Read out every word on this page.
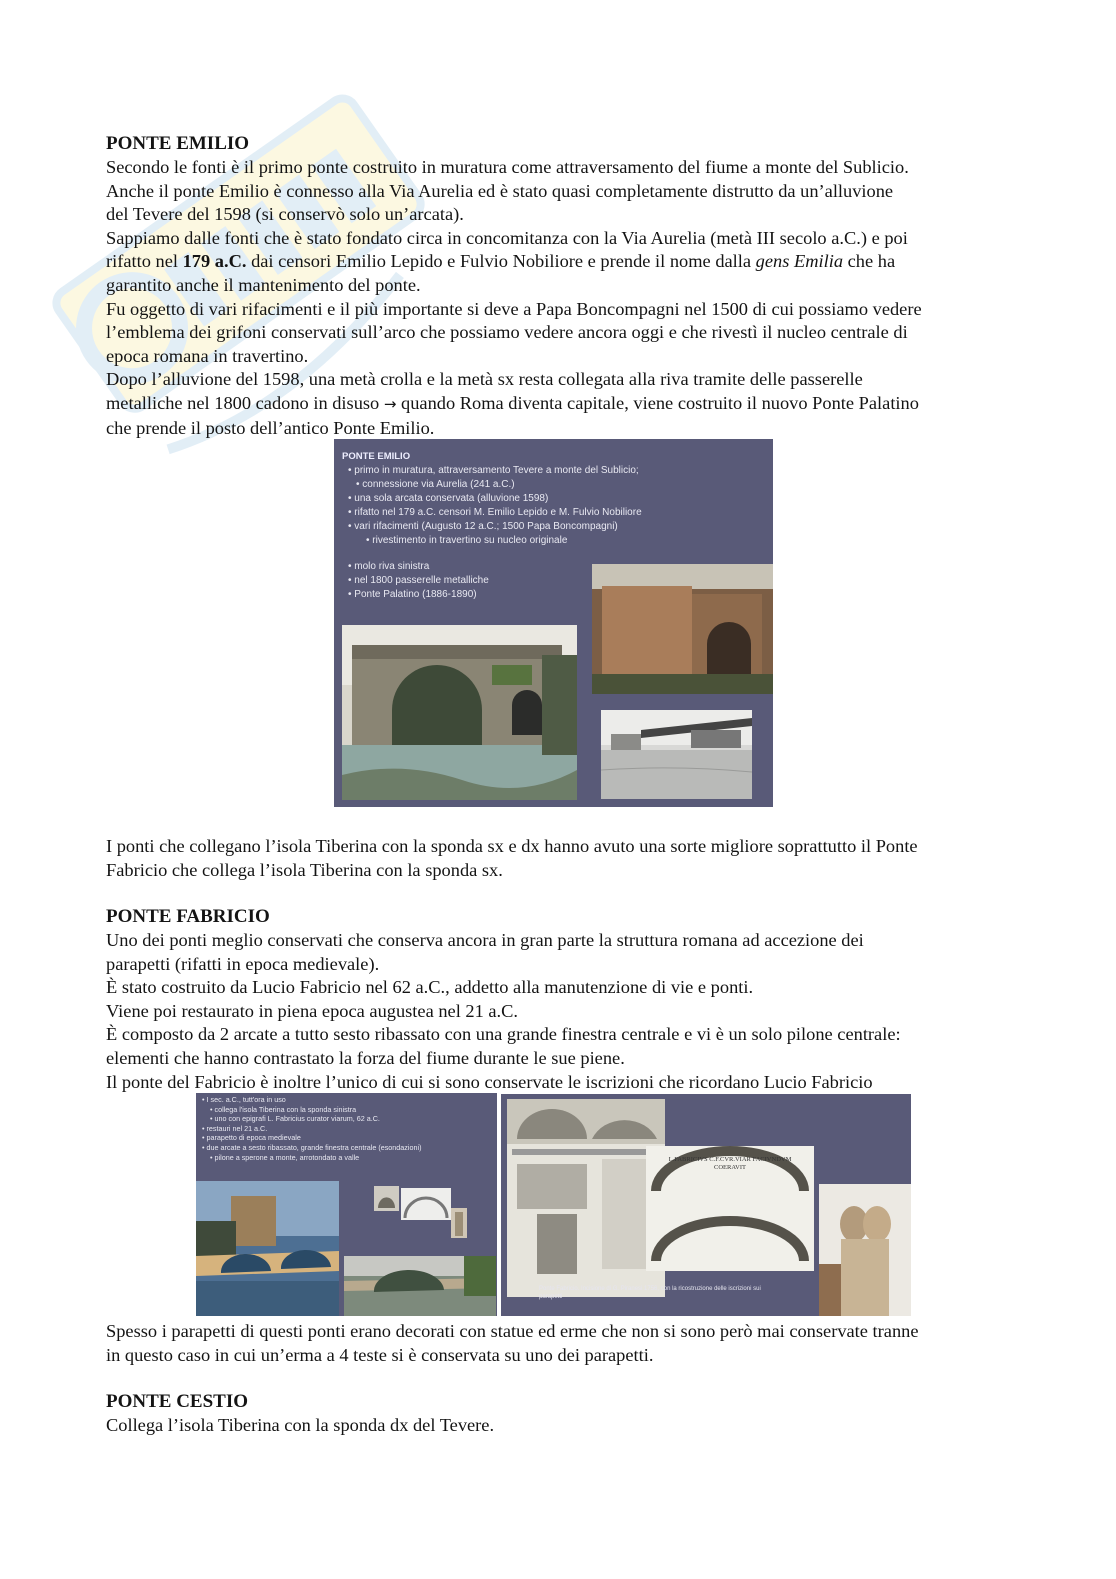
PONTE EMILIO
Secondo le fonti è il primo ponte costruito in muratura come attraversamento del fiume a monte del Sublicio.
Anche il ponte Emilio è connesso alla Via Aurelia ed è stato quasi completamente distrutto da un’alluvione
del Tevere del 1598 (si conservò solo un’arcata).
Sappiamo dalle fonti che è stato fondato circa in concomitanza con la Via Aurelia (metà III secolo a.C.) e poi
rifatto nel 179 a.C. dai censori Emilio Lepido e Fulvio Nobiliore e prende il nome dalla gens Emilia che ha
garantito anche il mantenimento del ponte.
Fu oggetto di vari rifacimenti e il più importante si deve a Papa Boncompagni nel 1500 di cui possiamo vedere
l’emblema dei grifoni conservati sull’arco che possiamo vedere ancora oggi e che rivestì il nucleo centrale di
epoca romana in travertino.
Dopo l’alluvione del 1598, una metà crolla e la metà sx resta collegata alla riva tramite delle passerelle
metalliche nel 1800 cadono in disuso → quando Roma diventa capitale, viene costruito il nuovo Ponte Palatino
che prende il posto dell’antico Ponte Emilio.
PONTE EMILIO
• primo in muratura, attraversamento Tevere a monte del Sublicio;
• connessione via Aurelia (241 a.C.)
• una sola arcata conservata (alluvione 1598)
• rifatto nel 179 a.C. censori M. Emilio Lepido e M. Fulvio Nobiliore
• vari rifacimenti (Augusto 12 a.C.; 1500 Papa Boncompagni)
• rivestimento in travertino su nucleo originale
• molo riva sinistra
• nel 1800 passerelle metalliche
• Ponte Palatino (1886-1890)
I ponti che collegano l’isola Tiberina con la sponda sx e dx hanno avuto una sorte migliore soprattutto il Ponte
Fabricio che collega l’isola Tiberina con la sponda sx.
PONTE FABRICIO
Uno dei ponti meglio conservati che conserva ancora in gran parte la struttura romana ad accezione dei
parapetti (rifatti in epoca medievale).
È stato costruito da Lucio Fabricio nel 62 a.C., addetto alla manutenzione di vie e ponti.
Viene poi restaurato in piena epoca augustea nel 21 a.C.
È composto da 2 arcate a tutto sesto ribassato con una grande finestra centrale e vi è un solo pilone centrale:
elementi che hanno contrastato la forza del fiume durante le sue piene.
Il ponte del Fabricio è inoltre l’unico di cui si sono conservate le iscrizioni che ricordano Lucio Fabricio
• I sec. a.C., tutt'ora in uso
• collega l'isola Tiberina con la sponda sinistra
• uno con epigrafi L. Fabricius curator viarum, 62 a.C.
• restauri nel 21 a.C.
• parapetto di epoca medievale
• due arcate a sesto ribassato, grande finestra centrale (esondazioni)
• pilone a sperone a monte, arrotondato a valle	L.FABRICIVS C.F.CVR.VIAR FACIVNDVM COERAVIT
Ponte Fabricio. Incisione di G. Piranesi 1756, con la ricostruzione delle iscrizioni sui parapetti
Spesso i parapetti di questi ponti erano decorati con statue ed erme che non si sono però mai conservate tranne
in questo caso in cui un’erma a 4 teste si è conservata su uno dei parapetti.
PONTE CESTIO
Collega l’isola Tiberina con la sponda dx del Tevere.
